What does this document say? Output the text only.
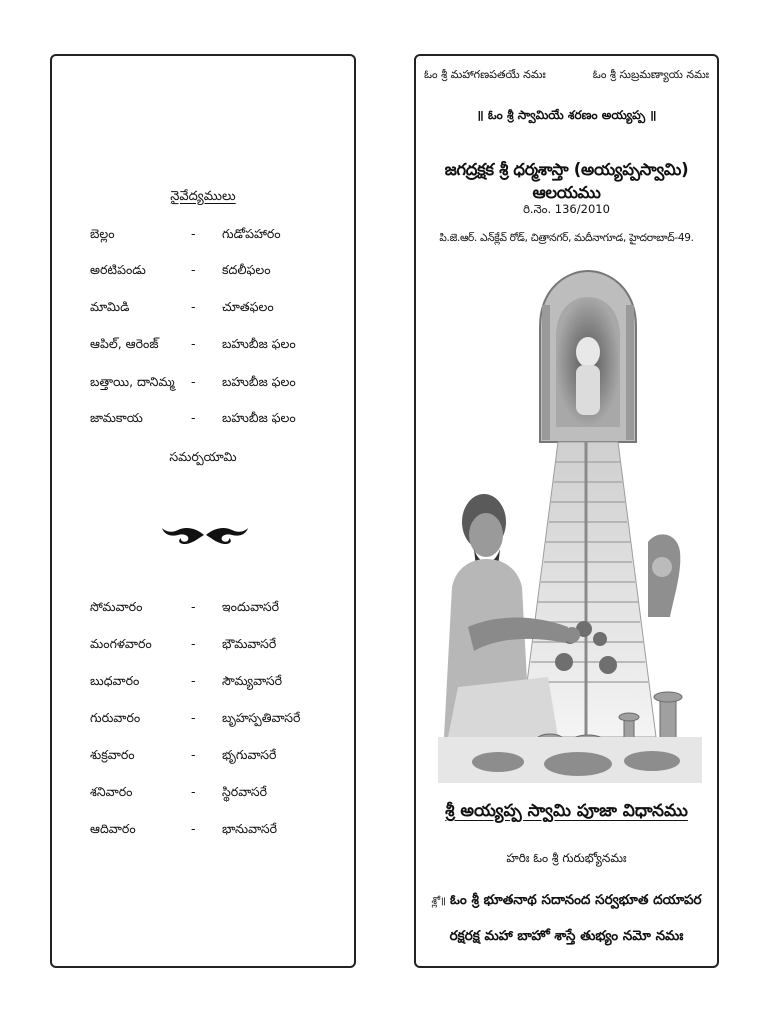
నైవేద్యములు
బెల్లం	- గుడోపహారం
అరటిపండు	- కదలీఫలం
మామిడి	- చూతఫలం
ఆపిల్, ఆరెంజ్	- బహుబీజ ఫలం
బత్తాయి, దానిమ్మ - బహుబీజ ఫలం
జామకాయ	- బహుబీజ ఫలం
సమర్పయామి
సోమవారం	- ఇందువాసరే
మంగళవారం	- భౌమవాసరే
బుధవారం	- సౌమ్యవాసరే
గురువారం	- బృహస్పతివాసరే
శుక్రవారం	- భృగువాసరే
శనివారం	- స్థిరవాసరే
ఆదివారం	- భానువాసరే
ఓం శ్రీ మహాగణపతయే నమః	ఓం శ్రీ సుబ్రమణ్యాయ నమః
॥ ఓం శ్రీ స్వామియే శరణం అయ్యప్ప ॥
జగద్రక్షక శ్రీ ధర్మశాస్తా (అయ్యప్పస్వామి) ఆలయము
రి.నెం. 136/2010
పి.జె.ఆర్. ఎన్‌క్లేవ్ రోడ్, చిత్రానగర్, మదీనాగూడ, హైదరాబాద్-49.
శ్రీ అయ్యప్ప స్వామి పూజా విధానము
హరిః ఓం శ్రీ గురుభ్యోనమః
శ్లో॥ ఓం శ్రీ భూతనాథ సదానంద సర్వభూత దయాపర
రక్షరక్ష మహా బాహో శాస్తే తుభ్యం నమో నమః
